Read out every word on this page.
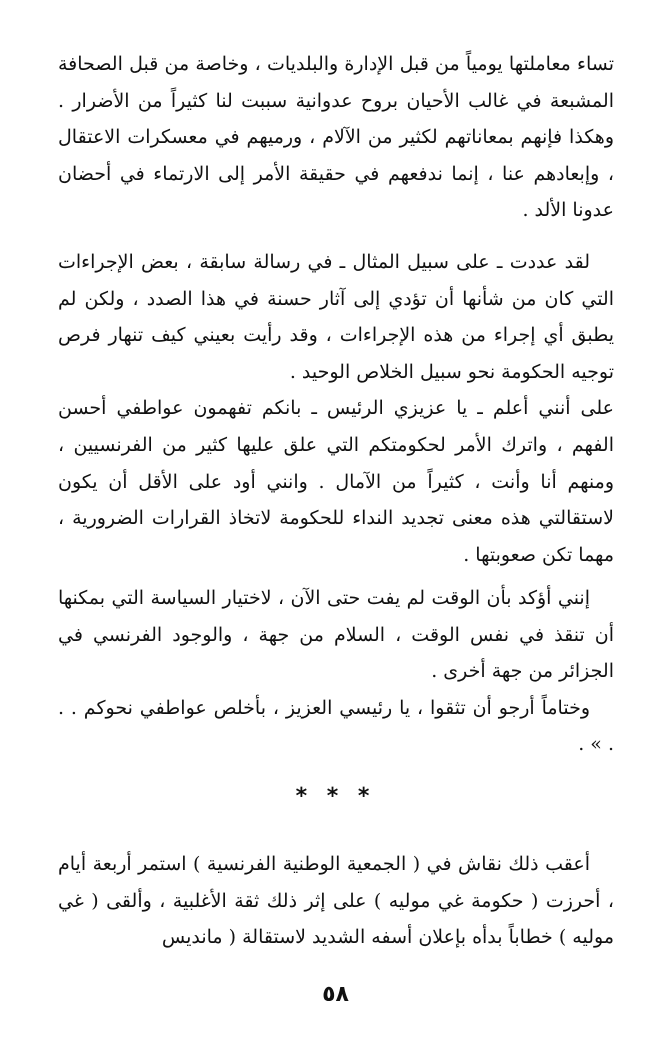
تساء معاملتها يومياً من قبل الإدارة والبلديات ، وخاصة من قبل الصحافة المشبعة في غالب الأحيان بروح عدوانية سببت لنا كثيراً من الأضرار . وهكذا فإنهم بمعاناتهم لكثير من الآلام ، ورميهم في معسكرات الاعتقال ، وإبعادهم عنا ، إنما ندفعهم في حقيقة الأمر إلى الارتماء في أحضان عدونا الألد .

لقد عددت ـ على سبيل المثال ـ في رسالة سابقة ، بعض الإجراءات التي كان من شأنها أن تؤدي إلى آثار حسنة في هذا الصدد ، ولكن لم يطبق أي إجراء من هذه الإجراءات ، وقد رأيت بعيني كيف تنهار فرص توجيه الحكومة نحو سبيل الخلاص الوحيد .

على أنني أعلم ـ يا عزيزي الرئيس ـ بانكم تفهمون عواطفي أحسن الفهم ، واترك الأمر لحكومتكم التي علق عليها كثير من الفرنسيين ، ومنهم أنا وأنت ، كثيراً من الآمال . وانني أود على الأقل أن يكون لاستقالتي هذه معنى تجديد النداء للحكومة لاتخاذ القرارات الضرورية ، مهما تكن صعوبتها .

إنني أؤكد بأن الوقت لم يفت حتى الآن ، لاختيار السياسة التي بمكنها أن تنقذ في نفس الوقت ، السلام من جهة ، والوجود الفرنسي في الجزائر من جهة أخرى .

وختاماً أرجو أن تثقوا ، يا رئيسي العزيز ، بأخلص عواطفي نحوكم . . . » .

* * *

أعقب ذلك نقاش في ( الجمعية الوطنية الفرنسية ) استمر أربعة أيام ، أحرزت ( حكومة غي موليه ) على إثر ذلك ثقة الأغلبية ، وألقى ( غي موليه ) خطاباً بدأه بإعلان أسفه الشديد لاستقالة ( مانديس

٥٨
